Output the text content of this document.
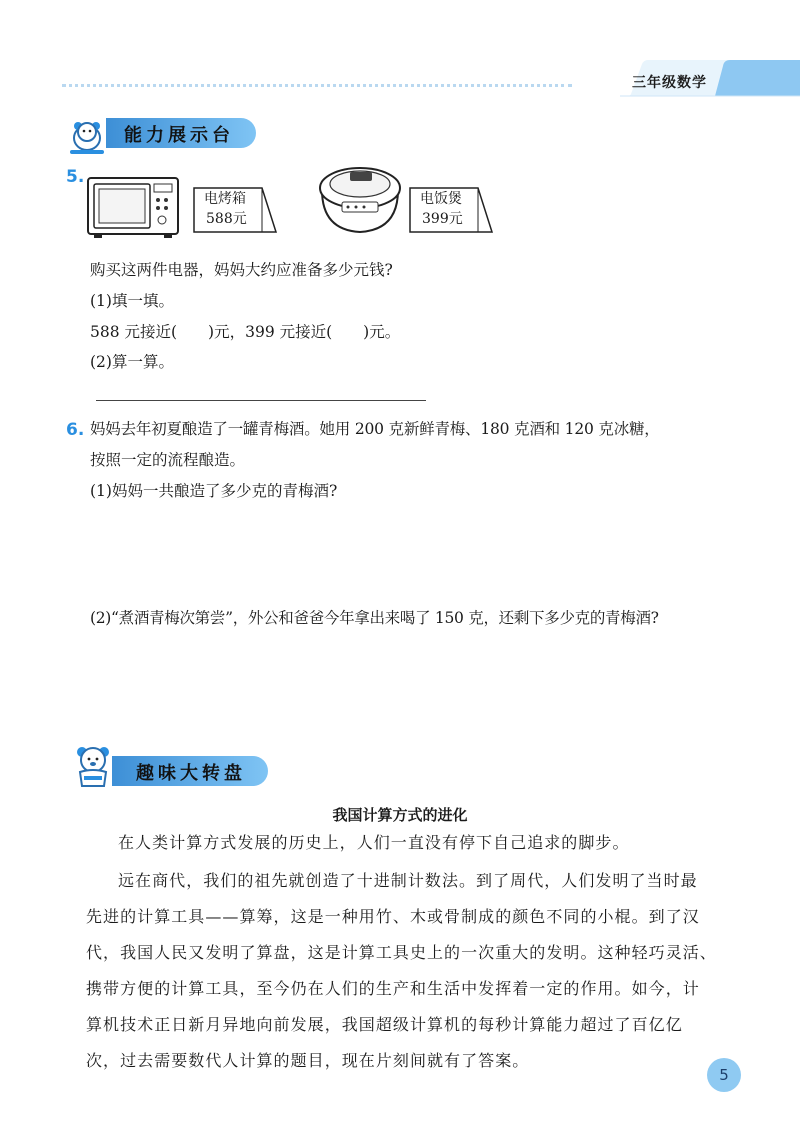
三年级数学
能力展示台
5.
电烤箱
588元
电饭煲
399元
购买这两件电器，妈妈大约应准备多少元钱?
(1)填一填。
588 元接近(　　)元，399 元接近(　　)元。
(2)算一算。
6. 妈妈去年初夏酿造了一罐青梅酒。她用 200 克新鲜青梅、180 克酒和 120 克冰糖，
按照一定的流程酿造。
(1)妈妈一共酿造了多少克的青梅酒?
(2)“煮酒青梅次第尝”，外公和爸爸今年拿出来喝了 150 克，还剩下多少克的青梅酒?
趣味大转盘
我国计算方式的进化
在人类计算方式发展的历史上，人们一直没有停下自己追求的脚步。
远在商代，我们的祖先就创造了十进制计数法。到了周代，人们发明了当时最
先进的计算工具——算筹，这是一种用竹、木或骨制成的颜色不同的小棍。到了汉
代，我国人民又发明了算盘，这是计算工具史上的一次重大的发明。这种轻巧灵活、
携带方便的计算工具，至今仍在人们的生产和生活中发挥着一定的作用。如今，计
算机技术正日新月异地向前发展，我国超级计算机的每秒计算能力超过了百亿亿
次，过去需要数代人计算的题目，现在片刻间就有了答案。
5
